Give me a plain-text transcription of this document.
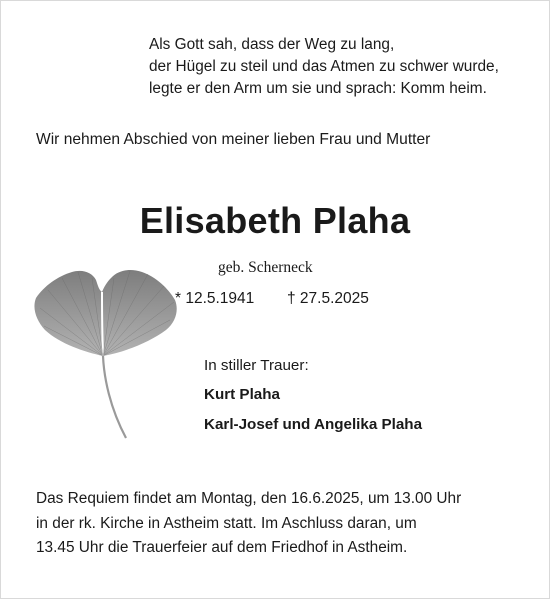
Als Gott sah, dass der Weg zu lang,
der Hügel zu steil und das Atmen zu schwer wurde,
legte er den Arm um sie und sprach: Komm heim.
Wir nehmen Abschied von meiner lieben Frau und Mutter
Elisabeth Plaha
geb. Scherneck
* 12.5.1941 † 27.5.2025
In stiller Trauer:
Kurt Plaha
Karl-Josef und Angelika Plaha
Das Requiem findet am Montag, den 16.6.2025, um 13.00 Uhr
in der rk. Kirche in Astheim statt. Im Aschluss daran, um
13.45 Uhr die Trauerfeier auf dem Friedhof in Astheim.
